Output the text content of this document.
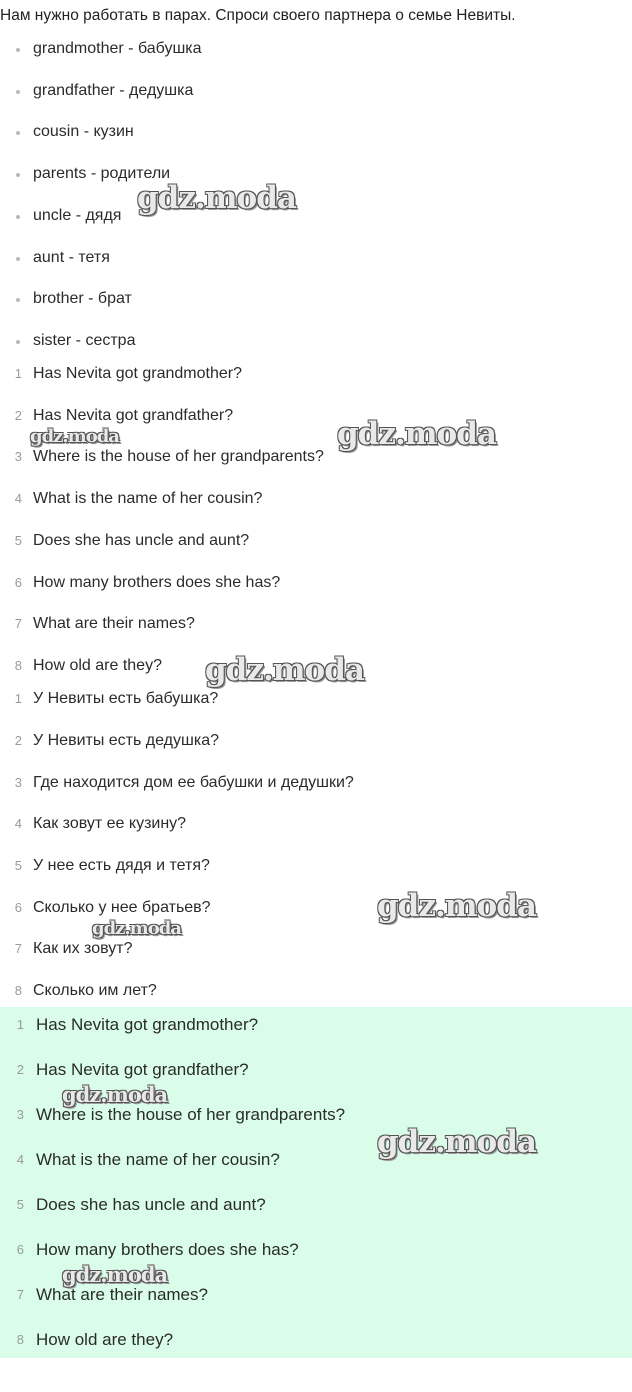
Нам нужно работать в парах. Спроси своего партнера о семье Невиты.
grandmother - бабушка
grandfather - дедушка
cousin - кузин
parents - родители
uncle - дядя
aunt - тетя
brother - брат
sister - сестра
1 Has Nevita got grandmother?
2 Has Nevita got grandfather?
3 Where is the house of her grandparents?
4 What is the name of her cousin?
5 Does she has uncle and aunt?
6 How many brothers does she has?
7 What are their names?
8 How old are they?
1 У Невиты есть бабушка?
2 У Невиты есть дедушка?
3 Где находится дом ее бабушки и дедушки?
4 Как зовут ее кузину?
5 У нее есть дядя и тетя?
6 Сколько у нее братьев?
7 Как их зовут?
8 Сколько им лет?
1 Has Nevita got grandmother?
2 Has Nevita got grandfather?
3 Where is the house of her grandparents?
4 What is the name of her cousin?
5 Does she has uncle and aunt?
6 How many brothers does she has?
7 What are their names?
8 How old are they?
gdz.moda
gdz.moda	gdz.moda
gdz.moda
gdz.moda
gdz.moda
gdz.moda
gdz.moda
gdz.moda
